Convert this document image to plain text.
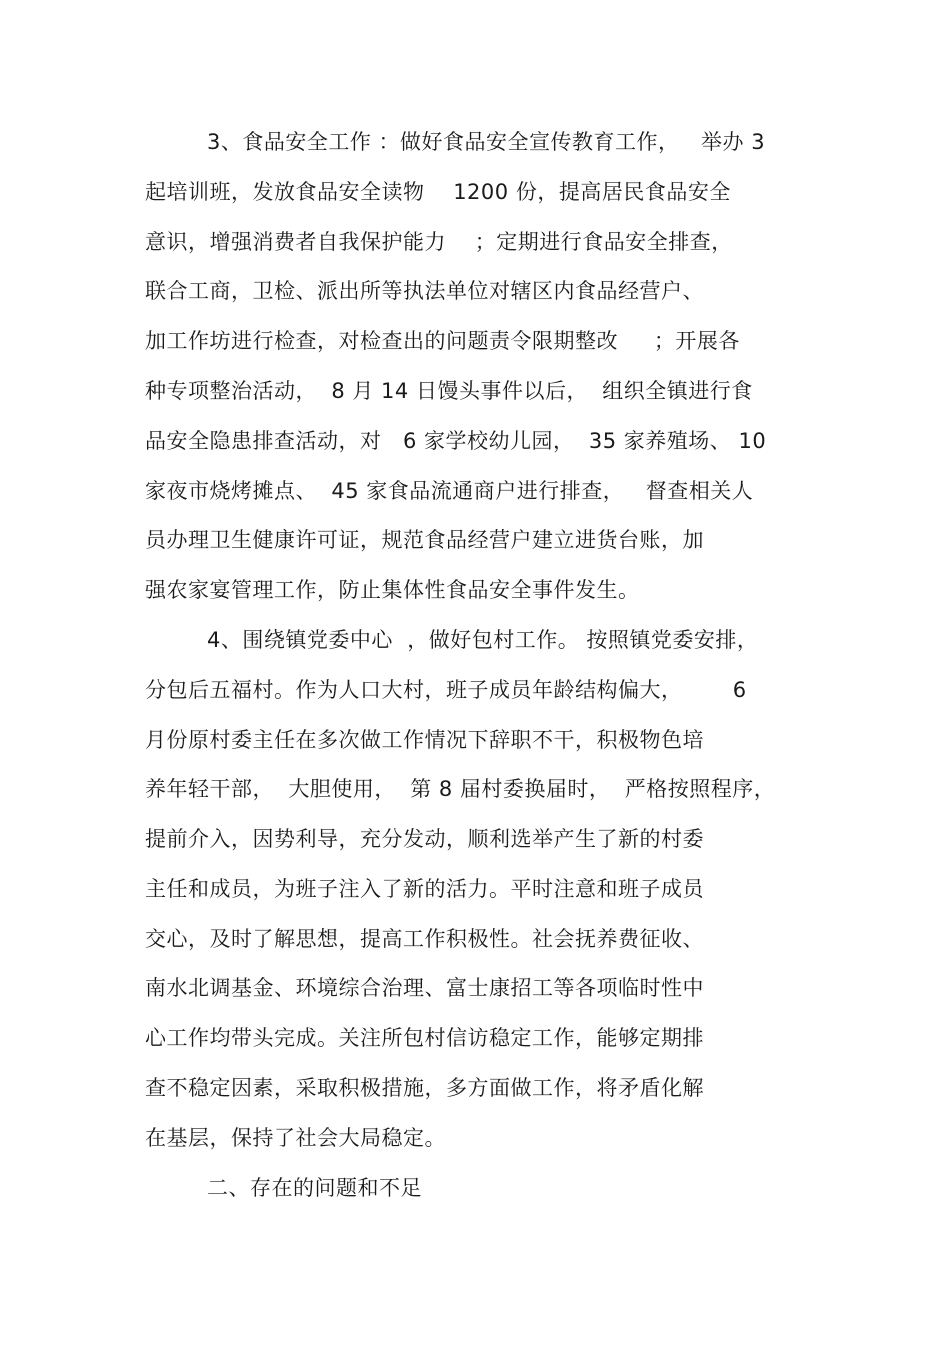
3、食品安全工作 ：做好食品安全宣传教育工作，   举办 3
起培训班，发放食品安全读物    1200 份，提高居民食品安全
意识，增强消费者自我保护能力    ；定期进行食品安全排查，
联合工商，卫检、派出所等执法单位对辖区内食品经营户、
加工作坊进行检查，对检查出的问题责令限期整改     ；开展各
种专项整治活动，  8 月 14 日馒头事件以后，  组织全镇进行食
品安全隐患排查活动，对   6 家学校幼儿园，  35 家养殖场、 10
家夜市烧烤摊点、  45 家食品流通商户进行排查，   督查相关人
员办理卫生健康许可证，规范食品经营户建立进货台账，加
强农家宴管理工作，防止集体性食品安全事件发生。
4、围绕镇党委中心  ，做好包村工作。 按照镇党委安排，
分包后五福村。作为人口大村，班子成员年龄结构偏大，       6
月份原村委主任在多次做工作情况下辞职不干，积极物色培
养年轻干部，  大胆使用，  第 8 届村委换届时，  严格按照程序，
提前介入，因势利导，充分发动，顺利选举产生了新的村委
主任和成员，为班子注入了新的活力。平时注意和班子成员
交心，及时了解思想，提高工作积极性。社会抚养费征收、
南水北调基金、环境综合治理、富士康招工等各项临时性中
心工作均带头完成。关注所包村信访稳定工作，能够定期排
查不稳定因素，采取积极措施，多方面做工作，将矛盾化解
在基层，保持了社会大局稳定。
二、存在的问题和不足
